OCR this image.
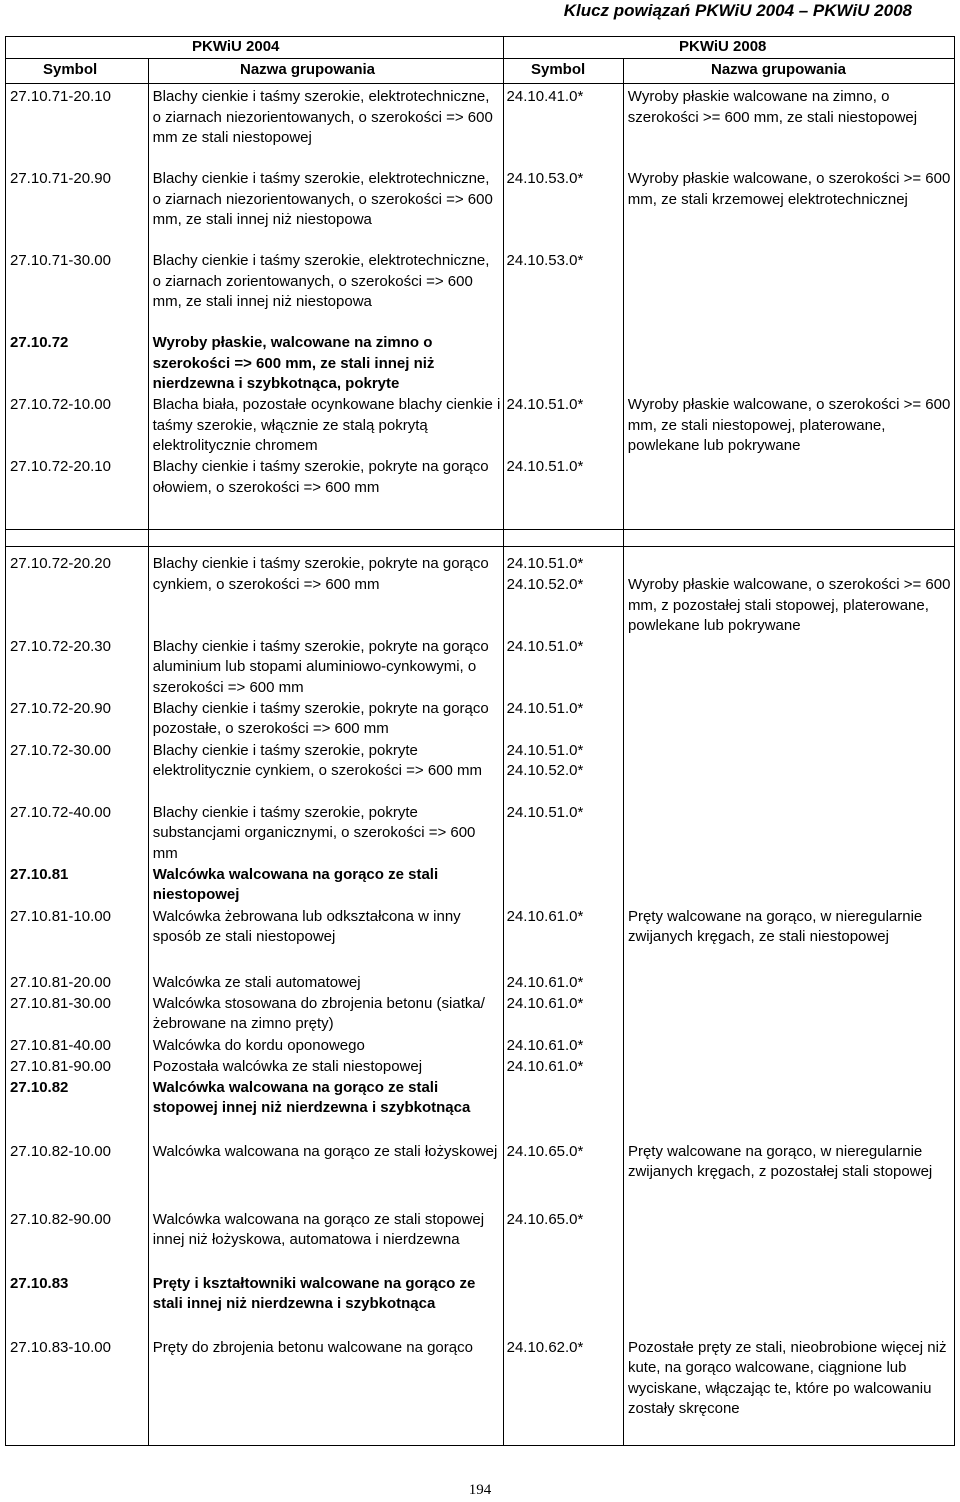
Klucz powiązań PKWiU 2004 – PKWiU 2008
PKWiU 2004	PKWiU 2008
Symbol	Nazwa grupowania	Symbol	Nazwa grupowania
27.10.71-20.10	Blachy cienkie i taśmy szerokie, elektrotechniczne, o ziarnach niezorientowanych, o szerokości => 600 mm ze stali niestopowej	24.10.41.0*	Wyroby płaskie walcowane na zimno, o szerokości >= 600 mm, ze stali niestopowej
27.10.71-20.90	Blachy cienkie i taśmy szerokie, elektrotechniczne, o ziarnach niezorientowanych, o szerokości => 600 mm, ze stali innej niż niestopowa	24.10.53.0*	Wyroby płaskie walcowane, o szerokości >= 600 mm, ze stali krzemowej elektrotechnicznej
27.10.71-30.00	Blachy cienkie i taśmy szerokie, elektrotechniczne, o ziarnach zorientowanych, o szerokości => 600 mm, ze stali innej niż niestopowa	24.10.53.0*	
27.10.72	Wyroby płaskie, walcowane na zimno o szerokości => 600 mm, ze stali innej niż nierdzewna i szybkotnąca, pokryte		
27.10.72-10.00	Blacha biała, pozostałe ocynkowane blachy cienkie i taśmy szerokie, włącznie ze stalą pokrytą elektrolitycznie chromem	24.10.51.0*	Wyroby płaskie walcowane, o szerokości >= 600 mm, ze stali niestopowej, platerowane, powlekane lub pokrywane
27.10.72-20.10	Blachy cienkie i taśmy szerokie, pokryte na gorąco ołowiem, o szerokości => 600 mm	24.10.51.0*	
27.10.72-20.20	Blachy cienkie i taśmy szerokie, pokryte na gorąco cynkiem, o szerokości => 600 mm	24.10.51.0* 24.10.52.0*	Wyroby płaskie walcowane, o szerokości >= 600 mm, z pozostałej stali stopowej, platerowane, powlekane lub pokrywane
27.10.72-20.30	Blachy cienkie i taśmy szerokie, pokryte na gorąco aluminium lub stopami aluminiowo-cynkowymi, o szerokości => 600 mm	24.10.51.0*	
27.10.72-20.90	Blachy cienkie i taśmy szerokie, pokryte na gorąco pozostałe, o szerokości => 600 mm	24.10.51.0*	
27.10.72-30.00	Blachy cienkie i taśmy szerokie, pokryte elektrolitycznie cynkiem, o szerokości => 600 mm	24.10.51.0* 24.10.52.0*	
27.10.72-40.00	Blachy cienkie i taśmy szerokie, pokryte substancjami organicznymi, o szerokości => 600 mm	24.10.51.0*	
27.10.81	Walcówka walcowana na gorąco ze stali niestopowej		
27.10.81-10.00	Walcówka żebrowana lub odkształcona w inny sposób ze stali niestopowej	24.10.61.0*	Pręty walcowane na gorąco, w nieregularnie zwijanych kręgach, ze stali niestopowej
27.10.81-20.00	Walcówka ze stali automatowej	24.10.61.0*	
27.10.81-30.00	Walcówka stosowana do zbrojenia betonu (siatka/żebrowane na zimno pręty)	24.10.61.0*	
27.10.81-40.00	Walcówka do kordu oponowego	24.10.61.0*	
27.10.81-90.00	Pozostała walcówka ze stali niestopowej	24.10.61.0*	
27.10.82	Walcówka walcowana na gorąco ze stali stopowej innej niż nierdzewna i szybkotnąca		
27.10.82-10.00	Walcówka walcowana na gorąco ze stali łożyskowej	24.10.65.0*	Pręty walcowane na gorąco, w nieregularnie zwijanych kręgach, z pozostałej stali stopowej
27.10.82-90.00	Walcówka walcowana na gorąco ze stali stopowej innej niż łożyskowa, automatowa i nierdzewna	24.10.65.0*	
27.10.83	Pręty i kształtowniki walcowane na gorąco ze stali innej niż nierdzewna i szybkotnąca		
27.10.83-10.00	Pręty do zbrojenia betonu walcowane na gorąco	24.10.62.0*	Pozostałe pręty ze stali, nieobrobione więcej niż kute, na gorąco walcowane, ciągnione lub wyciskane, włączając te, które po walcowaniu zostały skręcone
194
